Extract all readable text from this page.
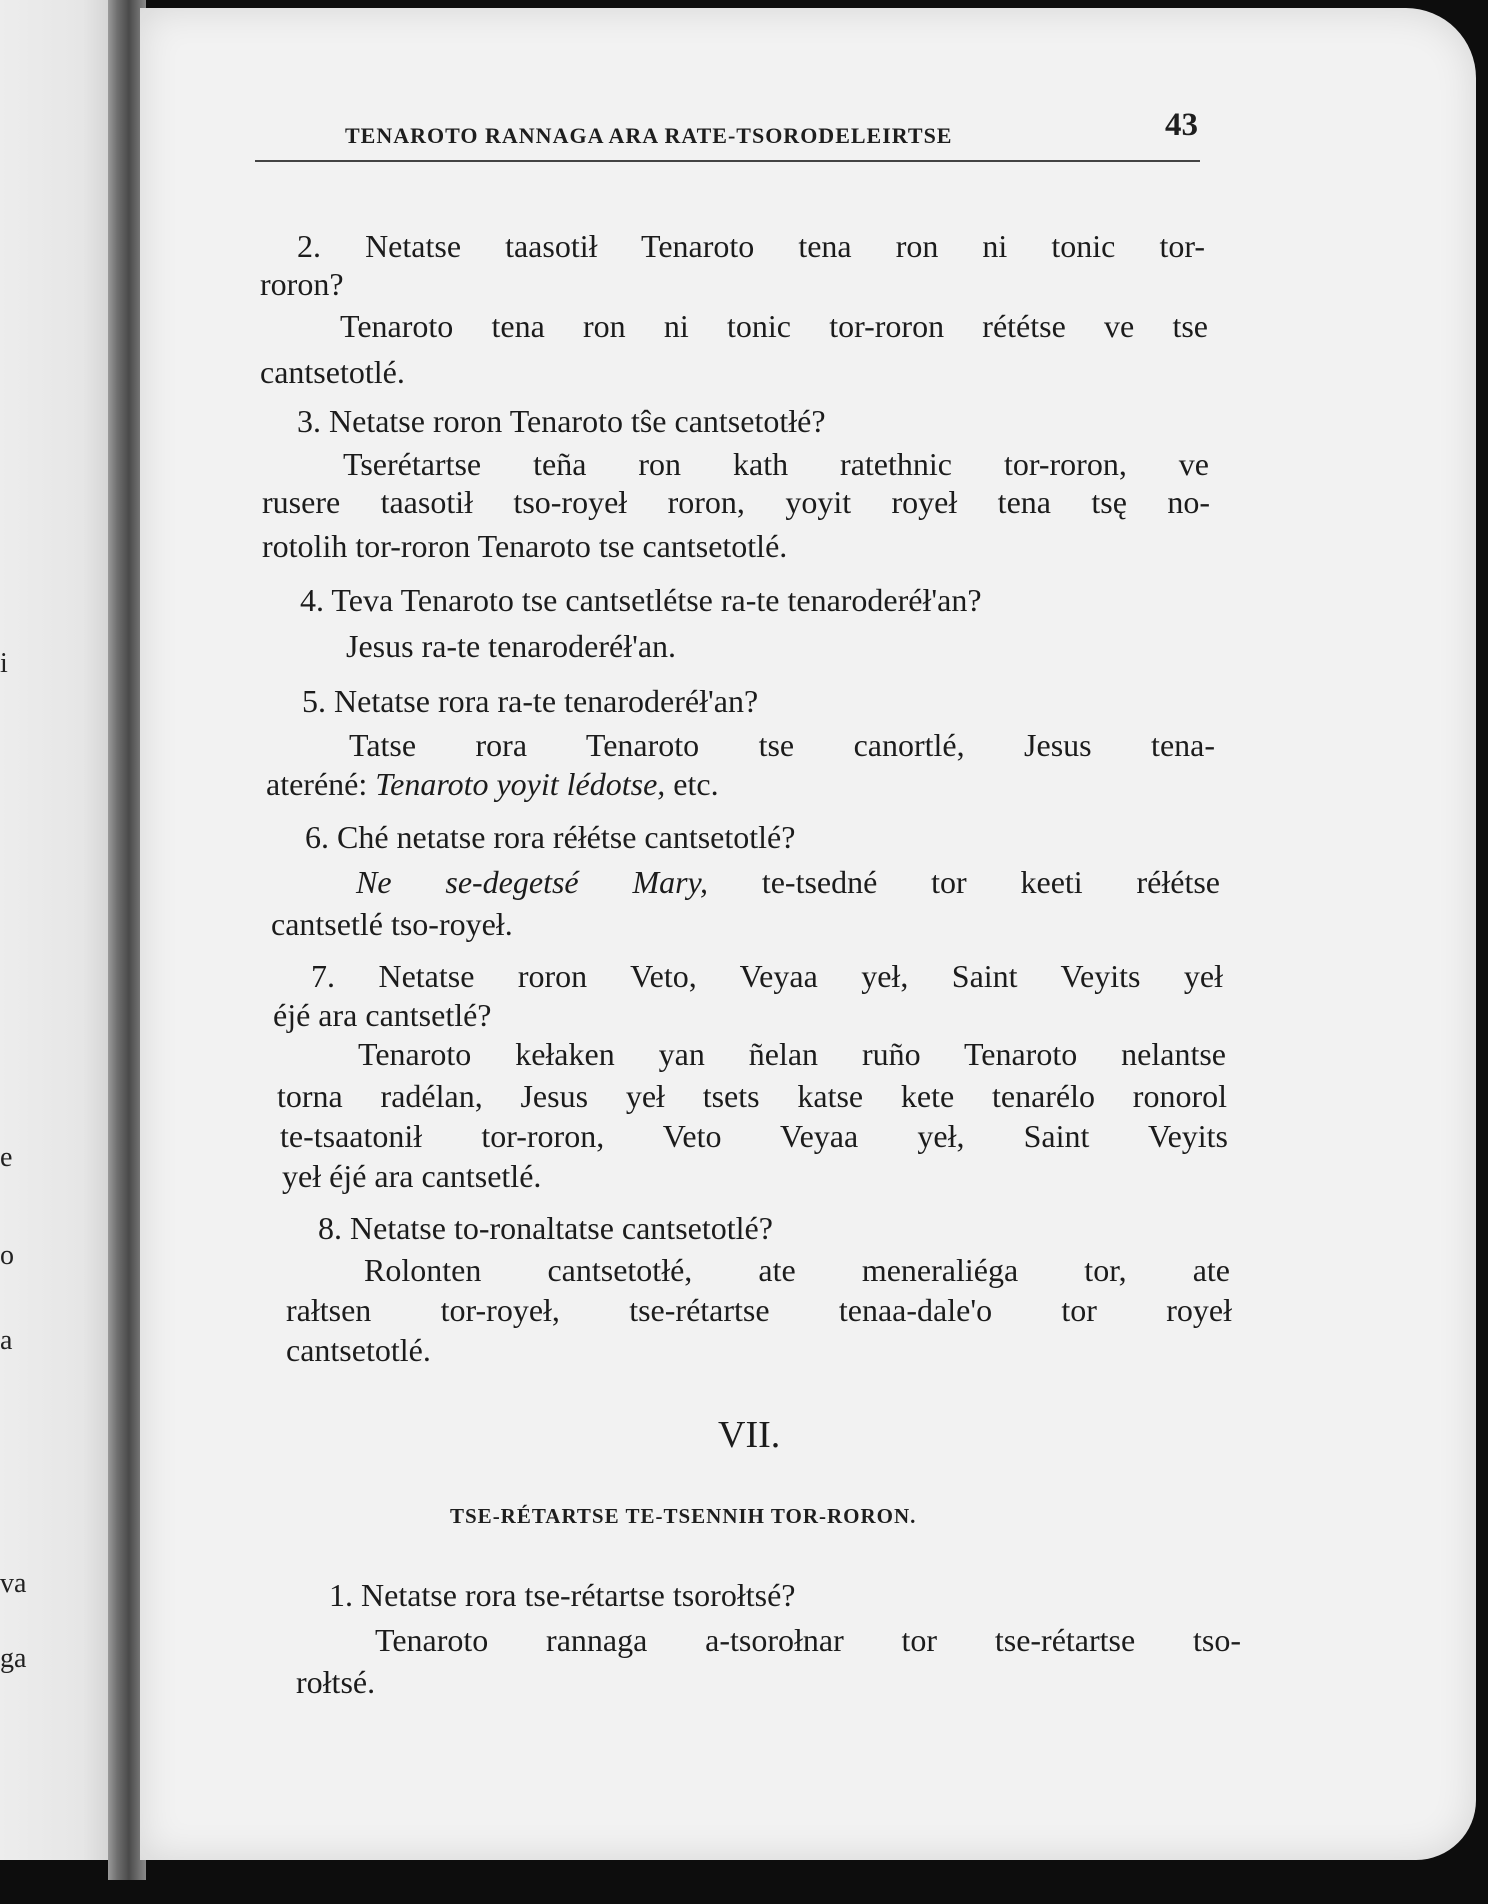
i
e
o
a
va
ga
TENAROTO RANNAGA ARA RATE-TSORODELEIRTSE	43
2. Netatse taasotił Tenaroto tena ron ni tonic tor-
roron?
Tenaroto tena ron ni tonic tor-roron rététse ve tse
cantsetotlé.
3. Netatse roron Tenaroto tŝe cantsetotłé?
Tserétartse teña ron kath ratethnic tor-roron, ve
rusere taasotił tso-royeł roron, yoyit royeł tena tsę no-
rotolih tor-roron Tenaroto tse cantsetotlé.
4. Teva Tenaroto tse cantsetlétse ra-te tenaroderéł'an?
Jesus ra-te tenaroderéł'an.
5. Netatse rora ra-te tenaroderéł'an?
Tatse rora Tenaroto tse canortlé, Jesus tena-
ateréné: Tenaroto yoyit lédotse, etc.
6. Ché netatse rora réłétse cantsetotlé?
Ne se-degetsé Mary, te-tsedné tor keeti réłétse
cantsetlé tso-royeł.
7. Netatse roron Veto, Veyaa yeł, Saint Veyits yeł
éjé ara cantsetlé?
Tenaroto kełaken yan ñelan ruño Tenaroto nelantse
torna radélan, Jesus yeł tsets katse kete tenarélo ronorol
te-tsaatonił tor-roron, Veto Veyaa yeł, Saint Veyits
yeł éjé ara cantsetlé.
8. Netatse to-ronaltatse cantsetotlé?
Rolonten cantsetotłé, ate meneraliéga tor, ate
rałtsen tor-royeł, tse-rétartse tenaa-dale'o tor royeł
cantsetotlé.
VII.
TSE-RÉTARTSE TE-TSENNIH TOR-RORON.
1. Netatse rora tse-rétartse tsorołtsé?
Tenaroto rannaga a-tsorołnar tor tse-rétartse tso-
rołtsé.
